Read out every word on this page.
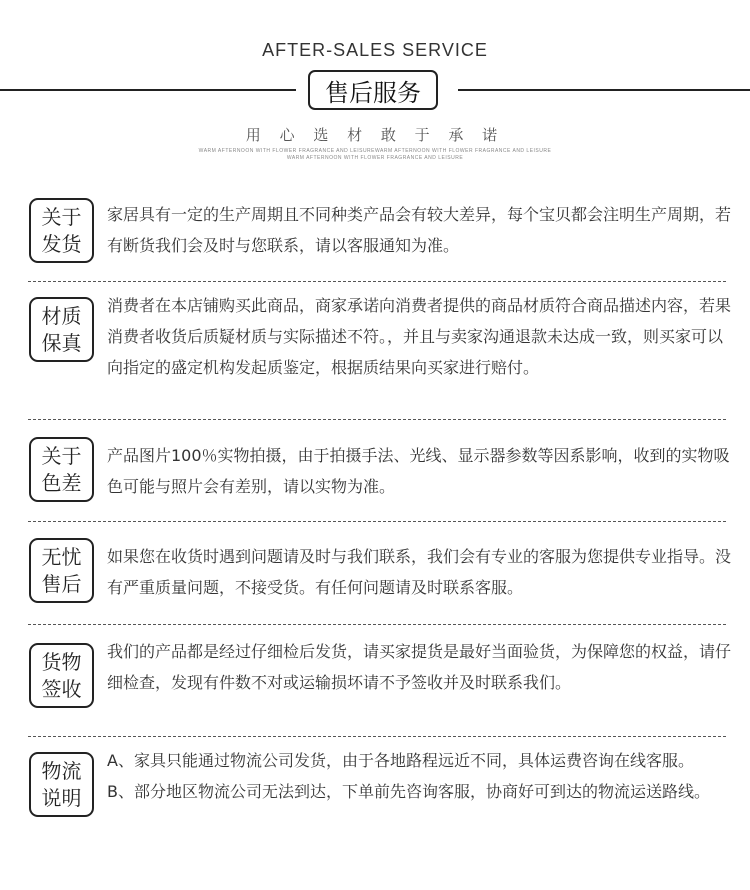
AFTER-SALES SERVICE
售后服务
用 心 选 材 敢 于 承 诺
WARM AFTERNOON WITH FLOWER FRAGRANCE AND LEISUREWARM AFTERNOON WITH FLOWER FRAGRANCE AND LEISURE
WARM AFTERNOON WITH FLOWER FRAGRANCE AND LEISURE
关于
发货

家居具有一定的生产周期且不同种类产品会有较大差异，每个宝贝都会注明生产周期，若有断货我们会及时与您联系，请以客服通知为准。

材质
保真

消费者在本店铺购买此商品，商家承诺向消费者提供的商品材质符合商品描述内容，若果消费者收货后质疑材质与实际描述不符。，并且与卖家沟通退款未达成一致，则买家可以向指定的盛定机构发起质鉴定，根据质结果向买家进行赔付。

关于
色差

产品图片100％实物拍摄，由于拍摄手法、光线、显示器参数等因系影响，收到的实物吸色可能与照片会有差别，请以实物为准。

无忧
售后

如果您在收货时遇到问题请及时与我们联系，我们会有专业的客服为您提供专业指导。没有严重质量问题，不接受货。有任何问题请及时联系客服。

货物
签收

我们的产品都是经过仔细检后发货，请买家提货是最好当面验货，为保障您的权益，请仔细检查，发现有件数不对或运输损坏请不予签收并及时联系我们。

物流
说明

A、家具只能通过物流公司发货，由于各地路程远近不同，具体运费咨询在线客服。

B、部分地区物流公司无法到达，下单前先咨询客服，协商好可到达的物流运送路线。
